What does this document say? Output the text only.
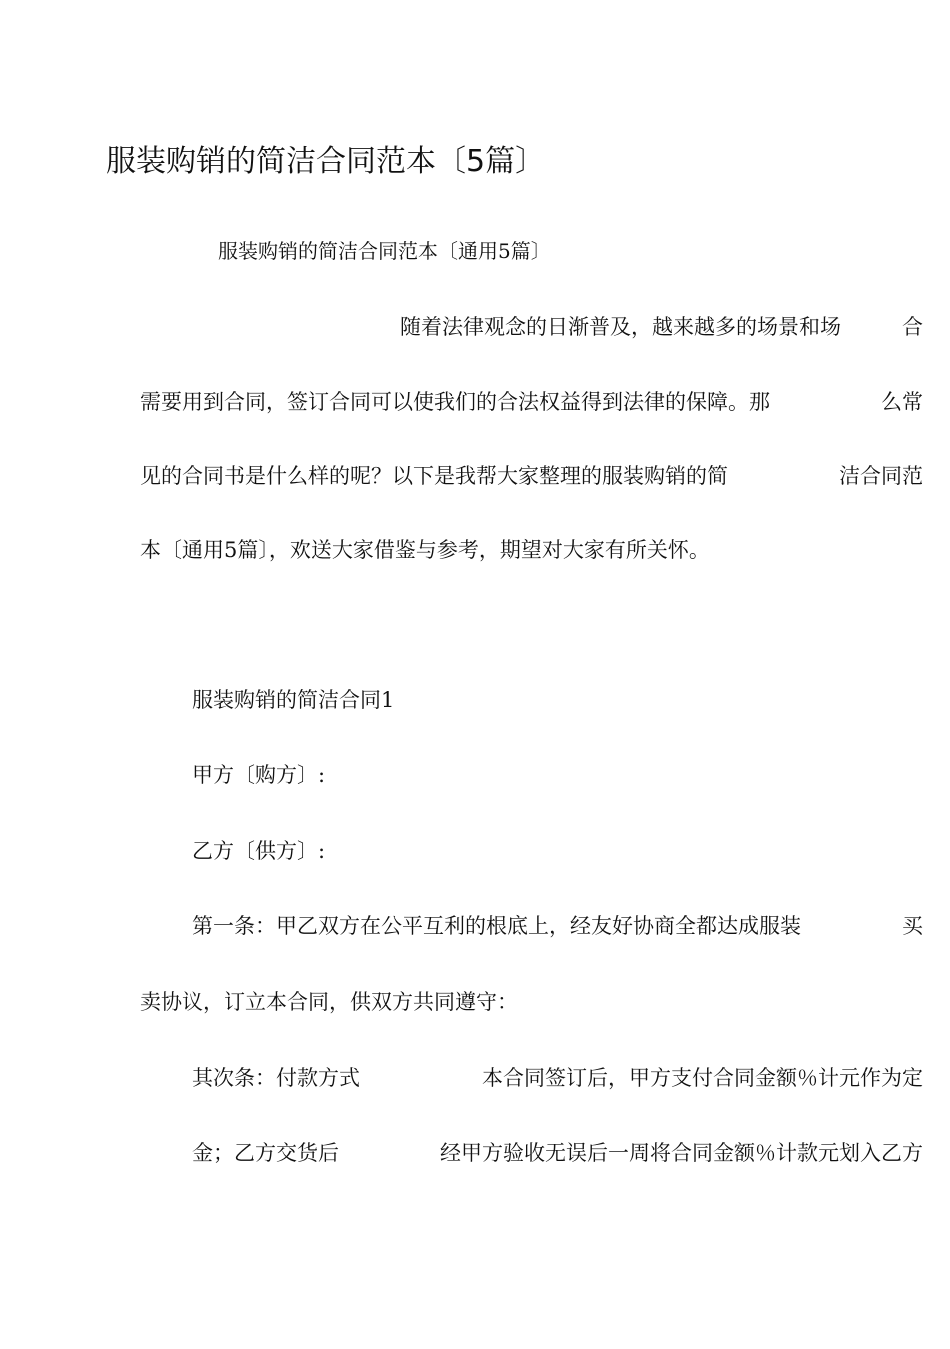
服装购销的简洁合同范本〔5篇〕
服装购销的简洁合同范本〔通用5篇〕
随着法律观念的日渐普及，越来越多的场景和场	合
需要用到合同，签订合同可以使我们的合法权益得到法律的保障。那	么常
见的合同书是什么样的呢？以下是我帮大家整理的服装购销的简	洁合同范
本〔通用5篇〕，欢送大家借鉴与参考，期望对大家有所关怀。
服装购销的简洁合同1
甲方〔购方〕:
乙方〔供方〕:
第一条：甲乙双方在公平互利的根底上，经友好协商全都达成服装	买
卖协议，订立本合同，供双方共同遵守：
其次条：付款方式	本合同签订后，甲方支付合同金额％计元作为定
金；乙方交货后	经甲方验收无误后一周将合同金额％计款元划入乙方
